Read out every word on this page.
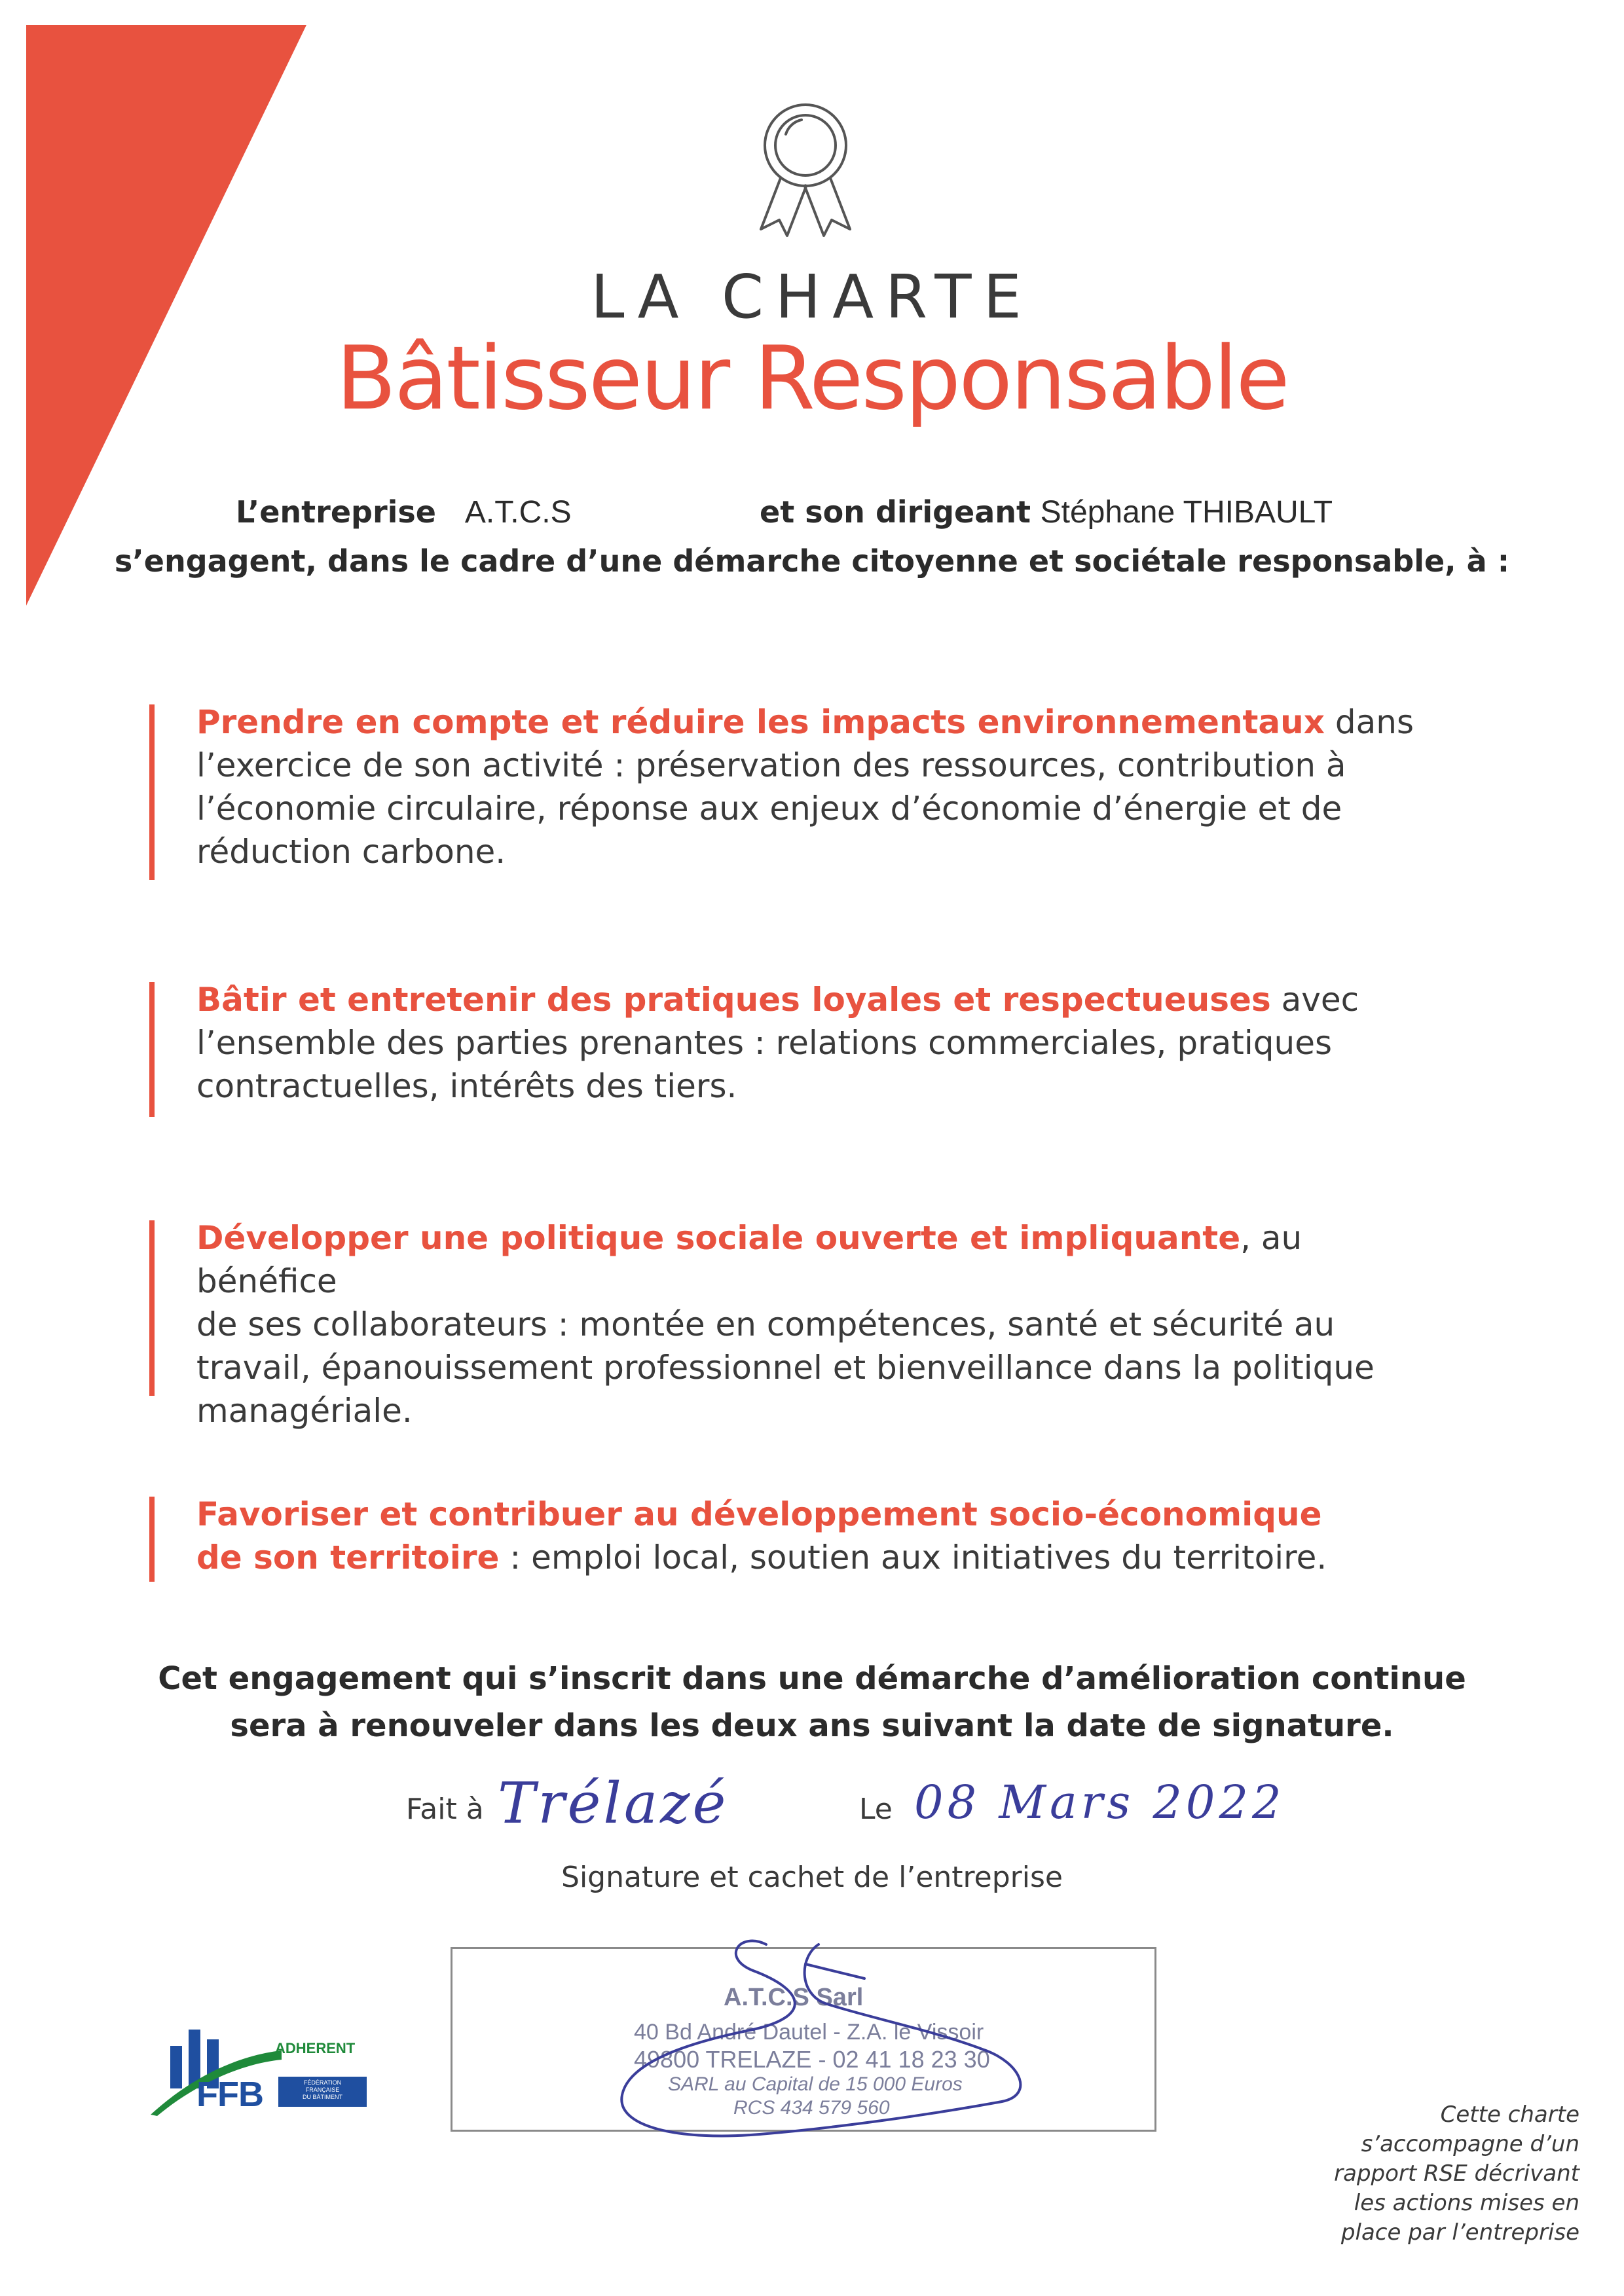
LA CHARTE
Bâtisseur Responsable
L’entreprise A.T.C.S	et son dirigeant Stéphane THIBAULT
s’engagent, dans le cadre d’une démarche citoyenne et sociétale responsable, à :

Prendre en compte et réduire les impacts environnementaux dans
l’exercice de son activité : préservation des ressources, contribution à
l’économie circulaire, réponse aux enjeux d’économie d’énergie et de
réduction carbone.

Bâtir et entretenir des pratiques loyales et respectueuses avec
l’ensemble des parties prenantes : relations commerciales, pratiques
contractuelles, intérêts des tiers.

Développer une politique sociale ouverte et impliquante, au bénéfice
de ses collaborateurs : montée en compétences, santé et sécurité au
travail, épanouissement professionnel et bienveillance dans la politique
managériale.

Favoriser et contribuer au développement socio-économique
de son territoire : emploi local, soutien aux initiatives du territoire.

Cet engagement qui s’inscrit dans une démarche d’amélioration continue
sera à renouveler dans les deux ans suivant la date de signature.
Fait à Trélazé	Le 08 Mars 2022
Signature et cachet de l’entreprise
A.T.C.S Sarl
40 Bd André Dautel - Z.A. le Vissoir
49800 TRELAZE - 02 41 18 23 30
SARL au Capital de 15 000 Euros
RCS 434 579 560
ADHERENT
FFB	FÉDÉRATION
FRANÇAISE
DU BÂTIMENT
Cette charte
s’accompagne d’un
rapport RSE décrivant
les actions mises en
place par l’entreprise
